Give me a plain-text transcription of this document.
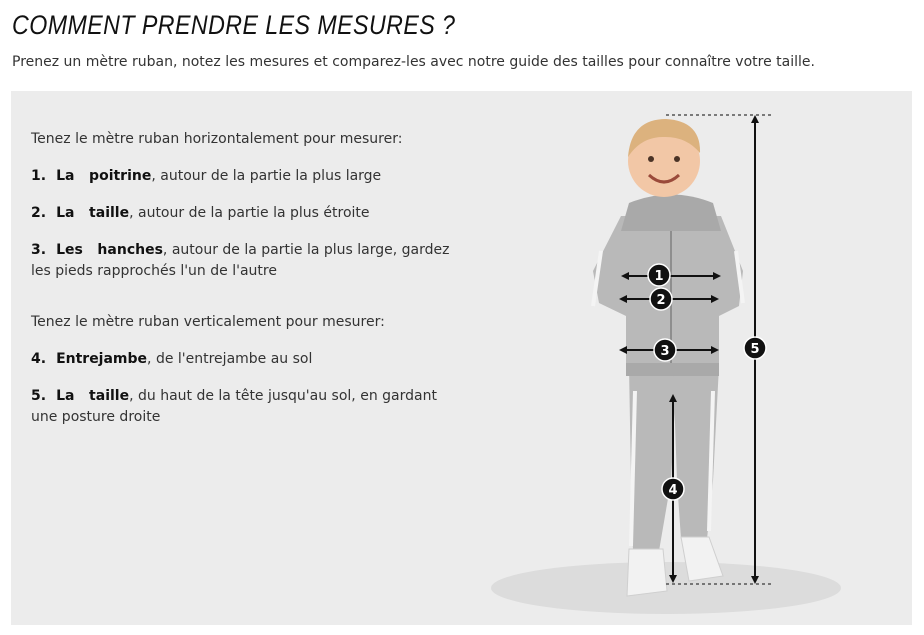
COMMENT PRENDRE LES MESURES ?
Prenez un mètre ruban, notez les mesures et comparez-les avec notre guide des tailles pour connaître votre taille.

Tenez le mètre ruban horizontalement pour mesurer:

1. La   poitrine, autour de la partie la plus large

2. La   taille, autour de la partie la plus étroite

3. Les   hanches, autour de la partie la plus large, gardez les pieds rapprochés l'un de l'autre

Tenez le mètre ruban verticalement pour mesurer:

4. Entrejambe, de l'entrejambe au sol

5. La   taille, du haut de la tête jusqu'au sol, en gardant une posture droite

1
2
3
4
5
